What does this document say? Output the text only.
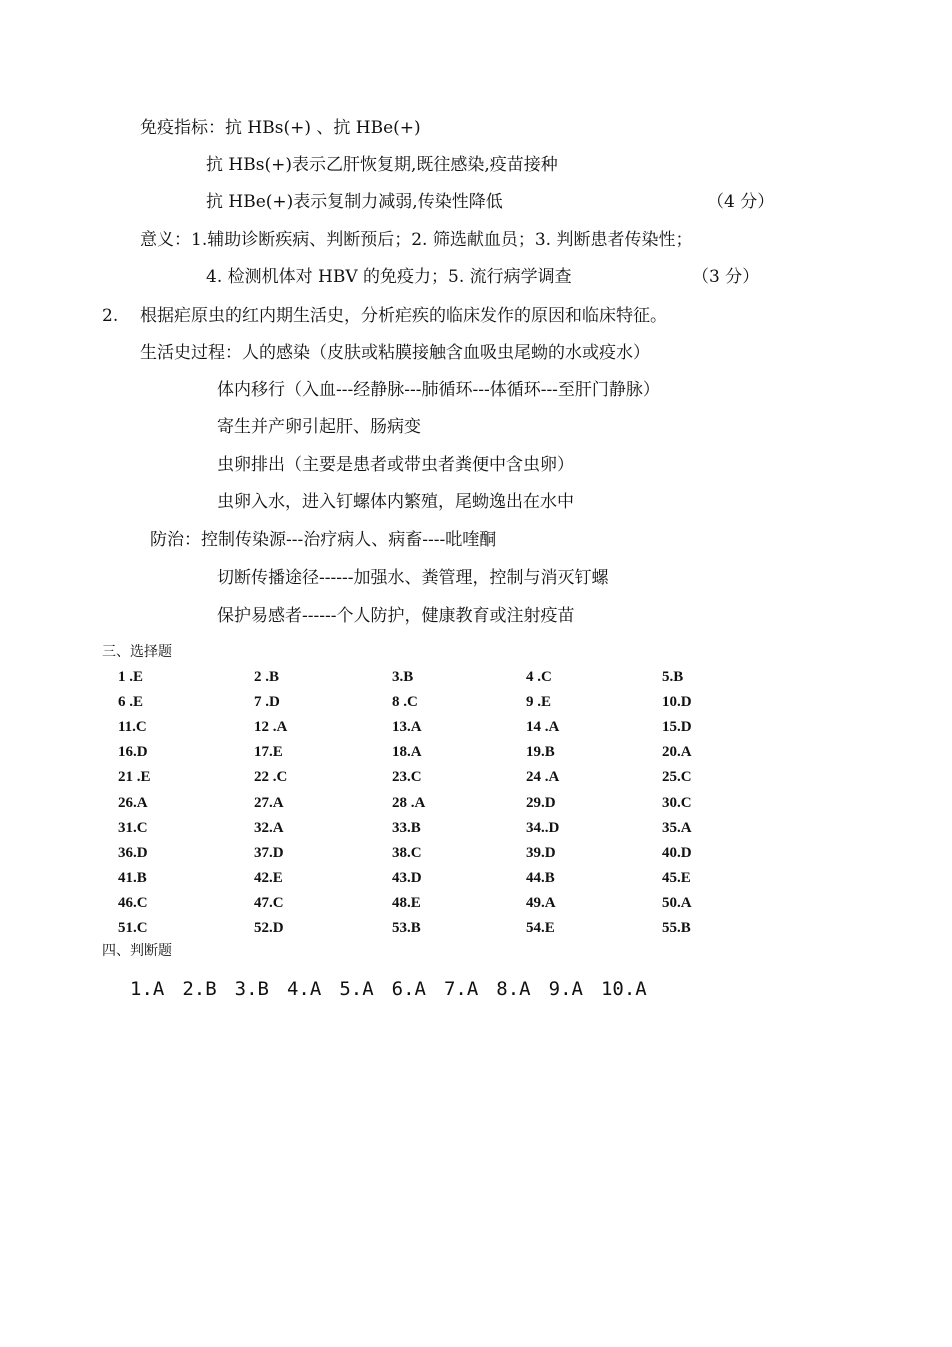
免疫指标：抗 HBs(+) 、抗 HBe(+)
抗 HBs(+)表示乙肝恢复期,既往感染,疫苗接种
抗 HBe(+)表示复制力减弱,传染性降低	（4 分）
意义：1.辅助诊断疾病、判断预后；2. 筛选献血员；3. 判断患者传染性；
4. 检测机体对 HBV 的免疫力；5. 流行病学调查	（3 分）
2. 根据疟原虫的红内期生活史，分析疟疾的临床发作的原因和临床特征。
生活史过程：人的感染（皮肤或粘膜接触含血吸虫尾蚴的水或疫水）
体内移行（入血---经静脉---肺循环---体循环---至肝门静脉）
寄生并产卵引起肝、肠病变
虫卵排出（主要是患者或带虫者粪便中含虫卵）
虫卵入水，进入钉螺体内繁殖，尾蚴逸出在水中
防治：控制传染源---治疗病人、病畜----吡喹酮
切断传播途径------加强水、粪管理，控制与消灭钉螺
保护易感者------个人防护，健康教育或注射疫苗
三、选择题
1 .E	2 .B	3.B	4 .C	5.B
6 .E	7 .D	8 .C	9 .E	10.D
11.C	12 .A	13.A	14 .A	15.D
16.D	17.E	18.A	19.B	20.A
21 .E	22 .C	23.C	24 .A	25.C
26.A	27.A	28 .A	29.D	30.C
31.C	32.A	33.B	34..D	35.A
36.D	37.D	38.C	39.D	40.D
41.B	42.E	43.D	44.B	45.E
46.C	47.C	48.E	49.A	50.A
51.C	52.D	53.B	54.E	55.B
四、判断题
1.A 2.B 3.B 4.A 5.A 6.A 7.A 8.A 9.A 10.A
